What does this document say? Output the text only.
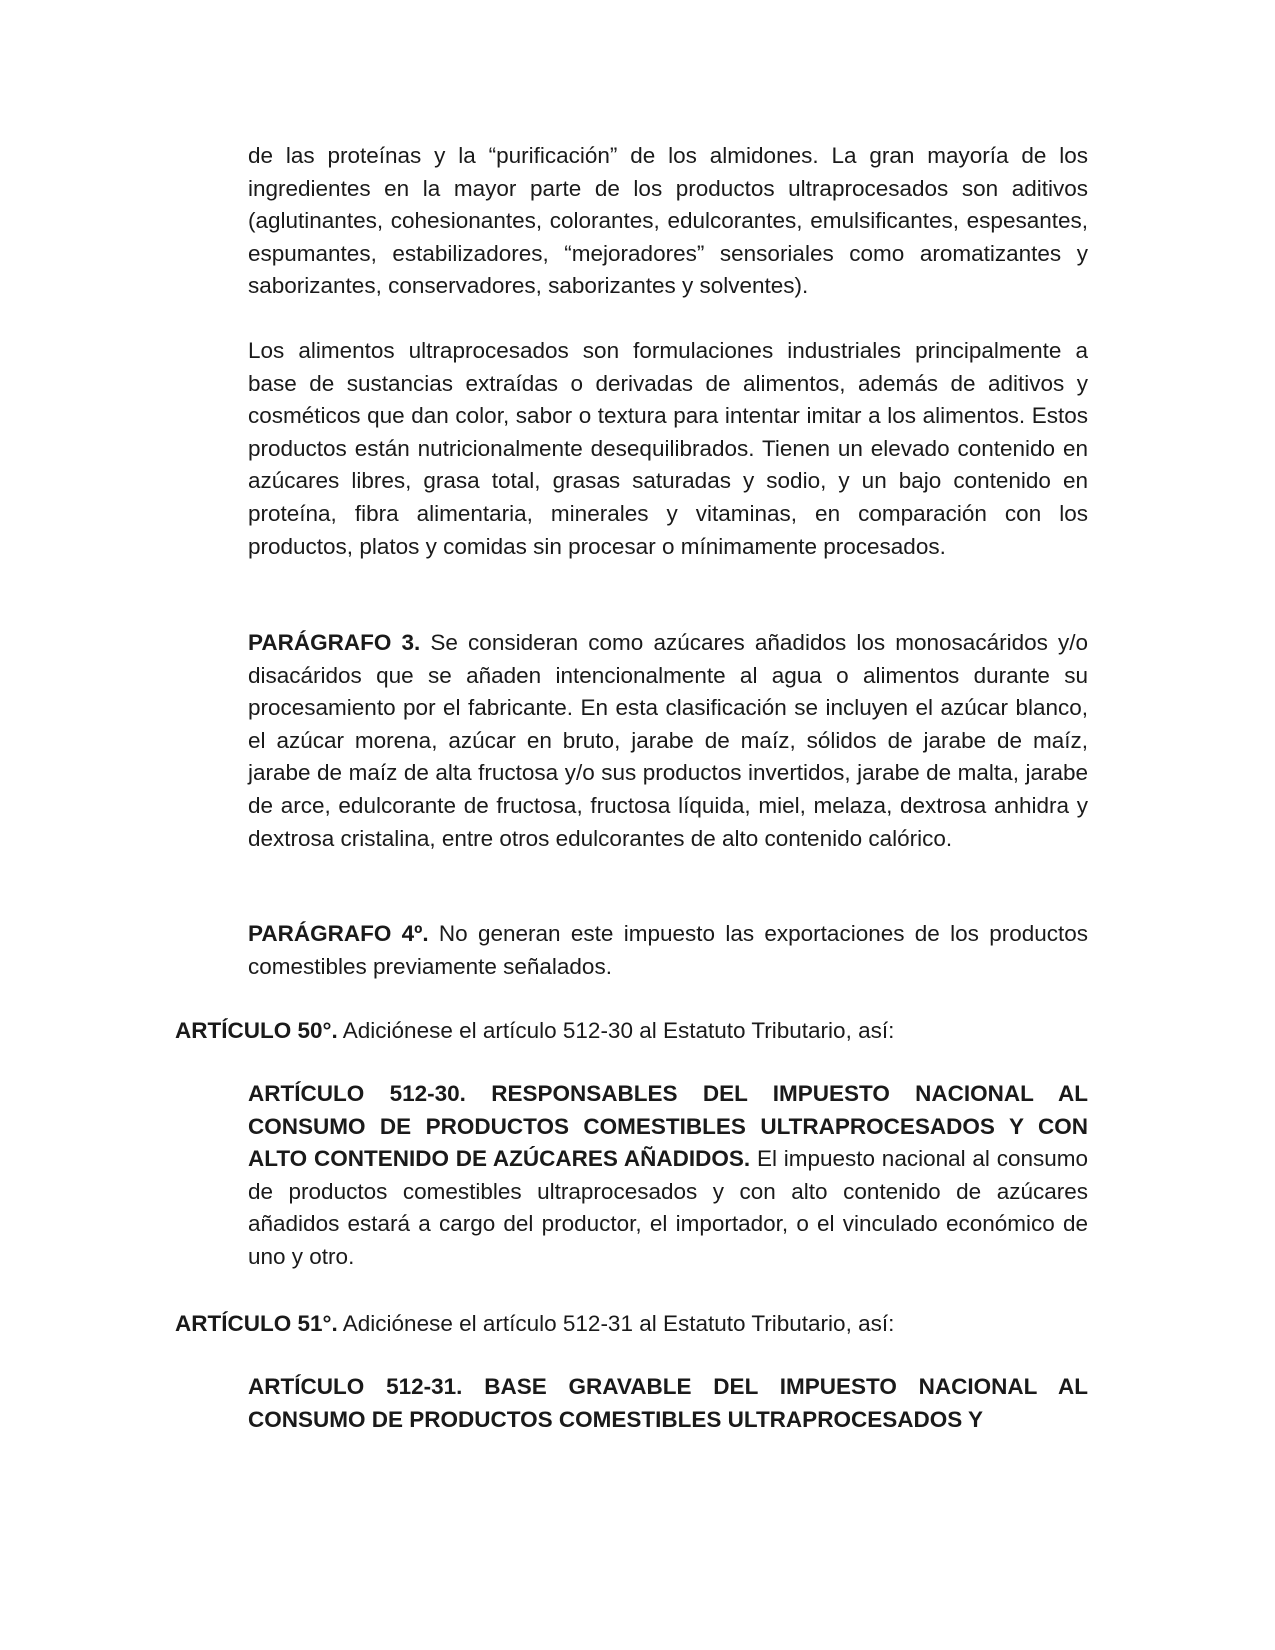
de las proteínas y la “purificación” de los almidones. La gran mayoría de los ingredientes en la mayor parte de los productos ultraprocesados son aditivos (aglutinantes, cohesionantes, colorantes, edulcorantes, emulsificantes, espesantes, espumantes, estabilizadores, “mejoradores” sensoriales como aromatizantes y saborizantes, conservadores, saborizantes y solventes).

Los alimentos ultraprocesados son formulaciones industriales principalmente a base de sustancias extraídas o derivadas de alimentos, además de aditivos y cosméticos que dan color, sabor o textura para intentar imitar a los alimentos. Estos productos están nutricionalmente desequilibrados. Tienen un elevado contenido en azúcares libres, grasa total, grasas saturadas y sodio, y un bajo contenido en proteína, fibra alimentaria, minerales y vitaminas, en comparación con los productos, platos y comidas sin procesar o mínimamente procesados.

PARÁGRAFO 3. Se consideran como azúcares añadidos los monosacáridos y/o disacáridos que se añaden intencionalmente al agua o alimentos durante su procesamiento por el fabricante. En esta clasificación se incluyen el azúcar blanco, el azúcar morena, azúcar en bruto, jarabe de maíz, sólidos de jarabe de maíz, jarabe de maíz de alta fructosa y/o sus productos invertidos, jarabe de malta, jarabe de arce, edulcorante de fructosa, fructosa líquida, miel, melaza, dextrosa anhidra y dextrosa cristalina, entre otros edulcorantes de alto contenido calórico.

PARÁGRAFO 4º. No generan este impuesto las exportaciones de los productos comestibles previamente señalados.

ARTÍCULO 50°. Adiciónese el artículo 512-30 al Estatuto Tributario, así:

ARTÍCULO 512-30. RESPONSABLES DEL IMPUESTO NACIONAL AL CONSUMO DE PRODUCTOS COMESTIBLES ULTRAPROCESADOS Y CON ALTO CONTENIDO DE AZÚCARES AÑADIDOS. El impuesto nacional al consumo de productos comestibles ultraprocesados y con alto contenido de azúcares añadidos estará a cargo del productor, el importador, o el vinculado económico de uno y otro.

ARTÍCULO 51°. Adiciónese el artículo 512-31 al Estatuto Tributario, así:

ARTÍCULO 512-31. BASE GRAVABLE DEL IMPUESTO NACIONAL AL CONSUMO DE PRODUCTOS COMESTIBLES ULTRAPROCESADOS Y
